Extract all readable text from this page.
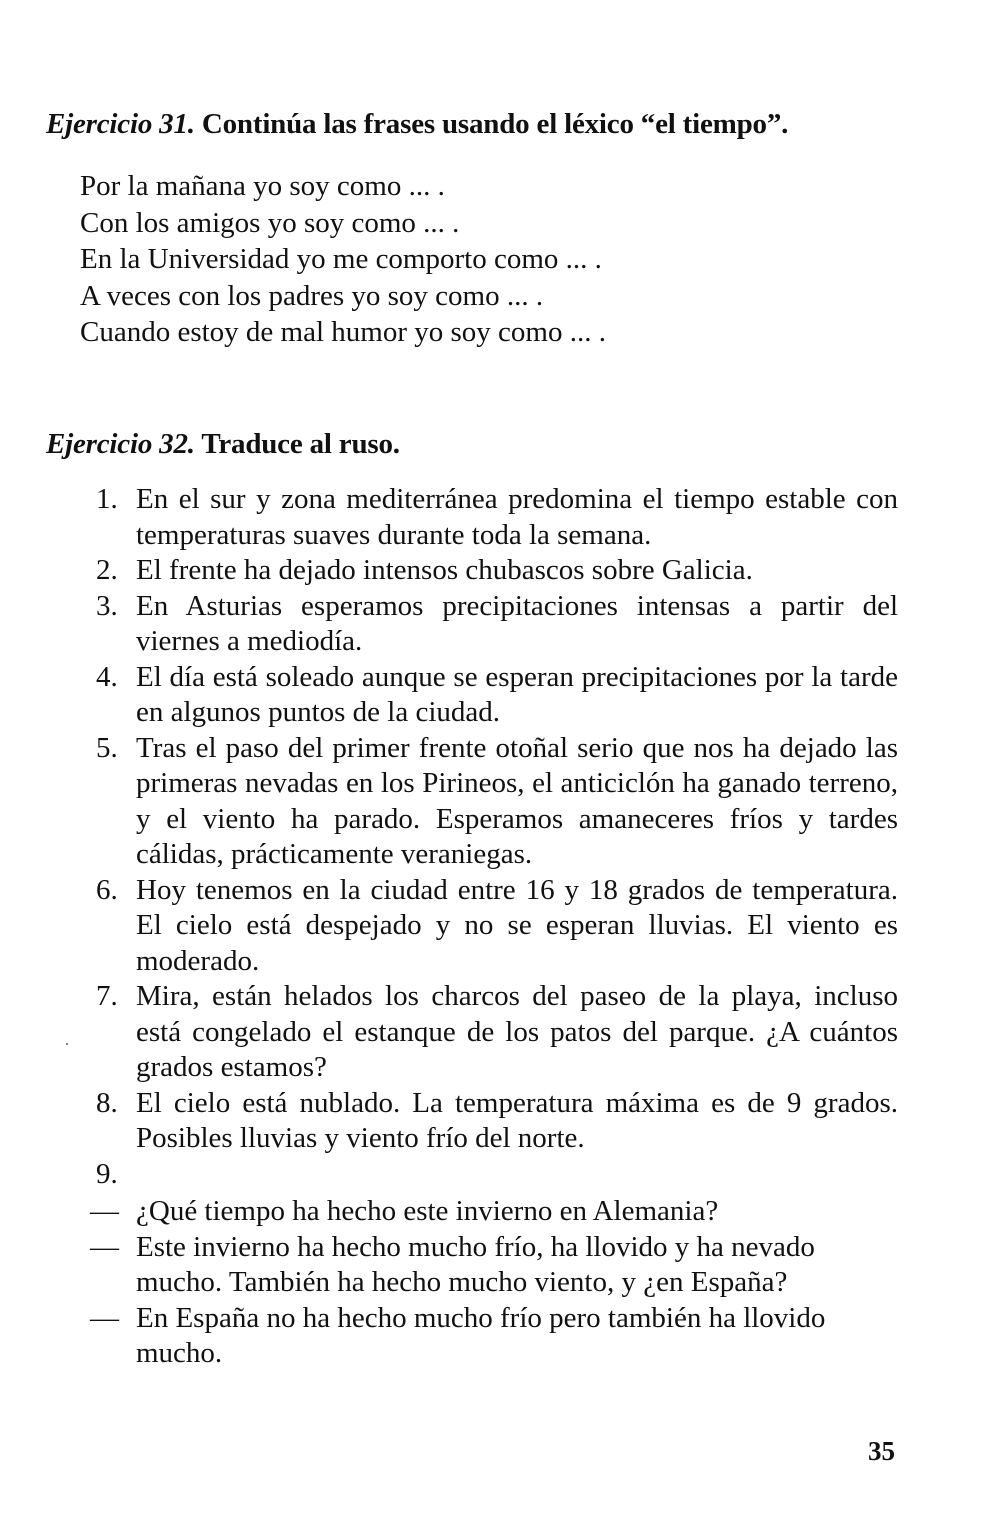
Ejercicio 31. Continúa las frases usando el léxico “el tiempo”.
Por la mañana yo soy como ... .
Con los amigos yo soy como ... .
En la Universidad yo me comporto como ... .
A veces con los padres yo soy como ... .
Cuando estoy de mal humor yo soy como ... .
Ejercicio 32. Traduce al ruso.
1. En el sur y zona mediterránea predomina el tiempo estable con temperaturas suaves durante toda la semana.
2. El frente ha dejado intensos chubascos sobre Galicia.
3. En Asturias esperamos precipitaciones intensas a partir del viernes a mediodía.
4. El día está soleado aunque se esperan precipitaciones por la tarde en algunos puntos de la ciudad.
5. Tras el paso del primer frente otoñal serio que nos ha dejado las primeras nevadas en los Pirineos, el anticiclón ha ganado terreno, y el viento ha parado. Esperamos amaneceres fríos y tardes cálidas, prácticamente veraniegas.
6. Hoy tenemos en la ciudad entre 16 y 18 grados de temperatura. El cielo está despejado y no se esperan lluvias. El viento es moderado.
7. Mira, están helados los charcos del paseo de la playa, incluso está congelado el estanque de los patos del parque. ¿A cuántos grados estamos?
8. El cielo está nublado. La temperatura máxima es de 9 grados. Posibles lluvias y viento frío del norte.
9.

— ¿Qué tiempo ha hecho este invierno en Alemania?
— Este invierno ha hecho mucho frío, ha llovido y ha nevado mucho. También ha hecho mucho viento, y ¿en España?
— En España no ha hecho mucho frío pero también ha llovido mucho.
35
